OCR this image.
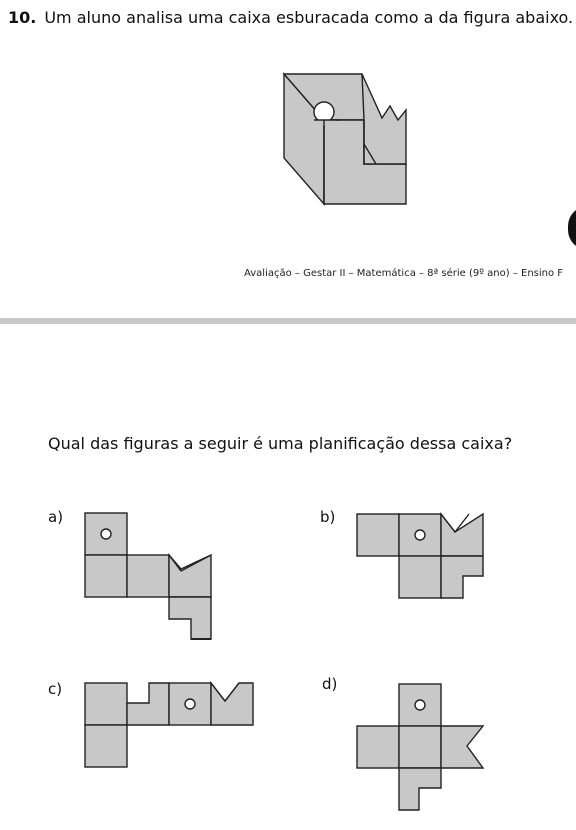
10. Um aluno analisa uma caixa esburacada como a da figura abaixo.
Avaliação – Gestar II – Matemática – 8ª série (9º ano) – Ensino F
Qual das figuras a seguir é uma planificação dessa caixa?
a)	b)
c)	d)
